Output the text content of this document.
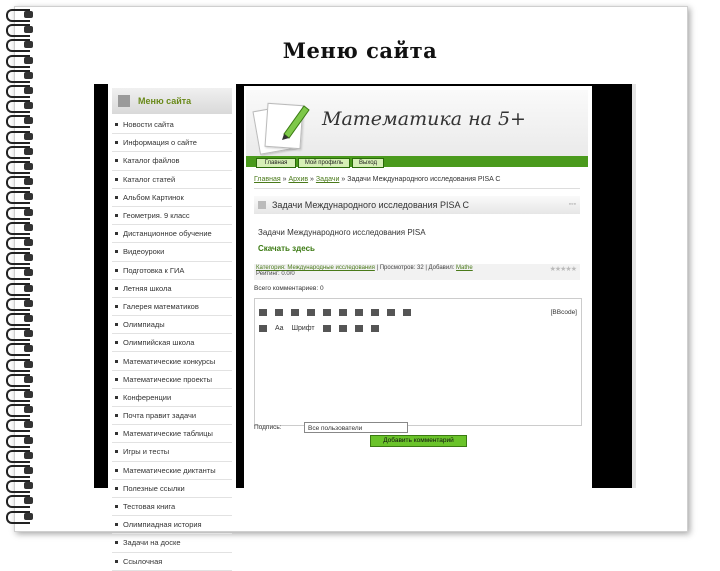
Меню сайта
Меню сайта
Новости сайта
Информация о сайте
Каталог файлов
Каталог статей
Альбом Картинок
Геометрия. 9 класс
Дистанционное обучение
Видеоуроки
Подготовка к ГИА
Летняя школа
Галерея математиков
Олимпиады
Олимпийская школа
Математические конкурсы
Математические проекты
Конференции
Почта правит задачи
Математические таблицы
Игры и тесты
Математические диктанты
Полезные ссылки
Тестовая книга
Олимпиадная история
Задачи на доске
Ссылочная
Математика на 5+
Главная	Мой профиль	Выход
Главная » Архив » Задачи » Задачи Международного исследования PISA C
Задачи Международного исследования PISA C	◦◦◦
Задачи Международного исследования PISA
Скачать здесь
Категория: Международные исследования | Просмотров: 32 | Добавил: Mathe	★★★★★
Рейтинг: 0.0/0
Всего комментариев: 0
[BBcode]
Aa Шрифт
Подпись:	Все пользователи
Добавить комментарий
